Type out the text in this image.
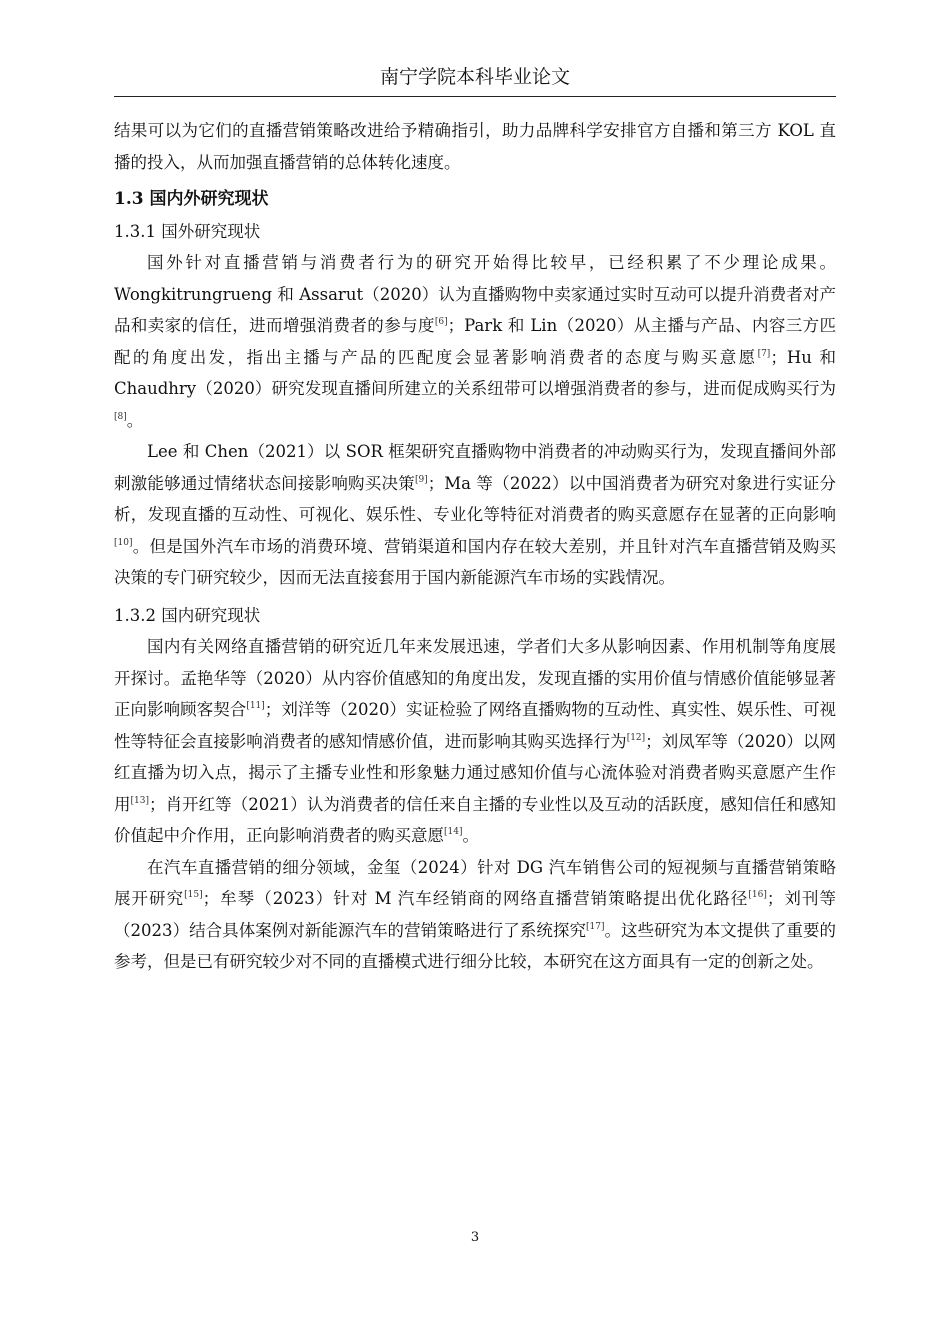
南宁学院本科毕业论文

结果可以为它们的直播营销策略改进给予精确指引，助力品牌科学安排官方自播和第三方 KOL 直播的投入，从而加强直播营销的总体转化速度。

1.3 国内外研究现状

1.3.1 国外研究现状

国外针对直播营销与消费者行为的研究开始得比较早，已经积累了不少理论成果。Wongkitrungrueng 和 Assarut（2020）认为直播购物中卖家通过实时互动可以提升消费者对产品和卖家的信任，进而增强消费者的参与度[6]；Park 和 Lin（2020）从主播与产品、内容三方匹配的角度出发，指出主播与产品的匹配度会显著影响消费者的态度与购买意愿[7]；Hu 和 Chaudhry（2020）研究发现直播间所建立的关系纽带可以增强消费者的参与，进而促成购买行为[8]。

Lee 和 Chen（2021）以 SOR 框架研究直播购物中消费者的冲动购买行为，发现直播间外部刺激能够通过情绪状态间接影响购买决策[9]；Ma 等（2022）以中国消费者为研究对象进行实证分析，发现直播的互动性、可视化、娱乐性、专业化等特征对消费者的购买意愿存在显著的正向影响[10]。但是国外汽车市场的消费环境、营销渠道和国内存在较大差别，并且针对汽车直播营销及购买决策的专门研究较少，因而无法直接套用于国内新能源汽车市场的实践情况。

1.3.2 国内研究现状

国内有关网络直播营销的研究近几年来发展迅速，学者们大多从影响因素、作用机制等角度展开探讨。孟艳华等（2020）从内容价值感知的角度出发，发现直播的实用价值与情感价值能够显著正向影响顾客契合[11]；刘洋等（2020）实证检验了网络直播购物的互动性、真实性、娱乐性、可视性等特征会直接影响消费者的感知情感价值，进而影响其购买选择行为[12]；刘凤军等（2020）以网红直播为切入点，揭示了主播专业性和形象魅力通过感知价值与心流体验对消费者购买意愿产生作用[13]；肖开红等（2021）认为消费者的信任来自主播的专业性以及互动的活跃度，感知信任和感知价值起中介作用，正向影响消费者的购买意愿[14]。

在汽车直播营销的细分领域，金玺（2024）针对 DG 汽车销售公司的短视频与直播营销策略展开研究[15]；牟琴（2023）针对 M 汽车经销商的网络直播营销策略提出优化路径[16]；刘刊等（2023）结合具体案例对新能源汽车的营销策略进行了系统探究[17]。这些研究为本文提供了重要的参考，但是已有研究较少对不同的直播模式进行细分比较，本研究在这方面具有一定的创新之处。

3
